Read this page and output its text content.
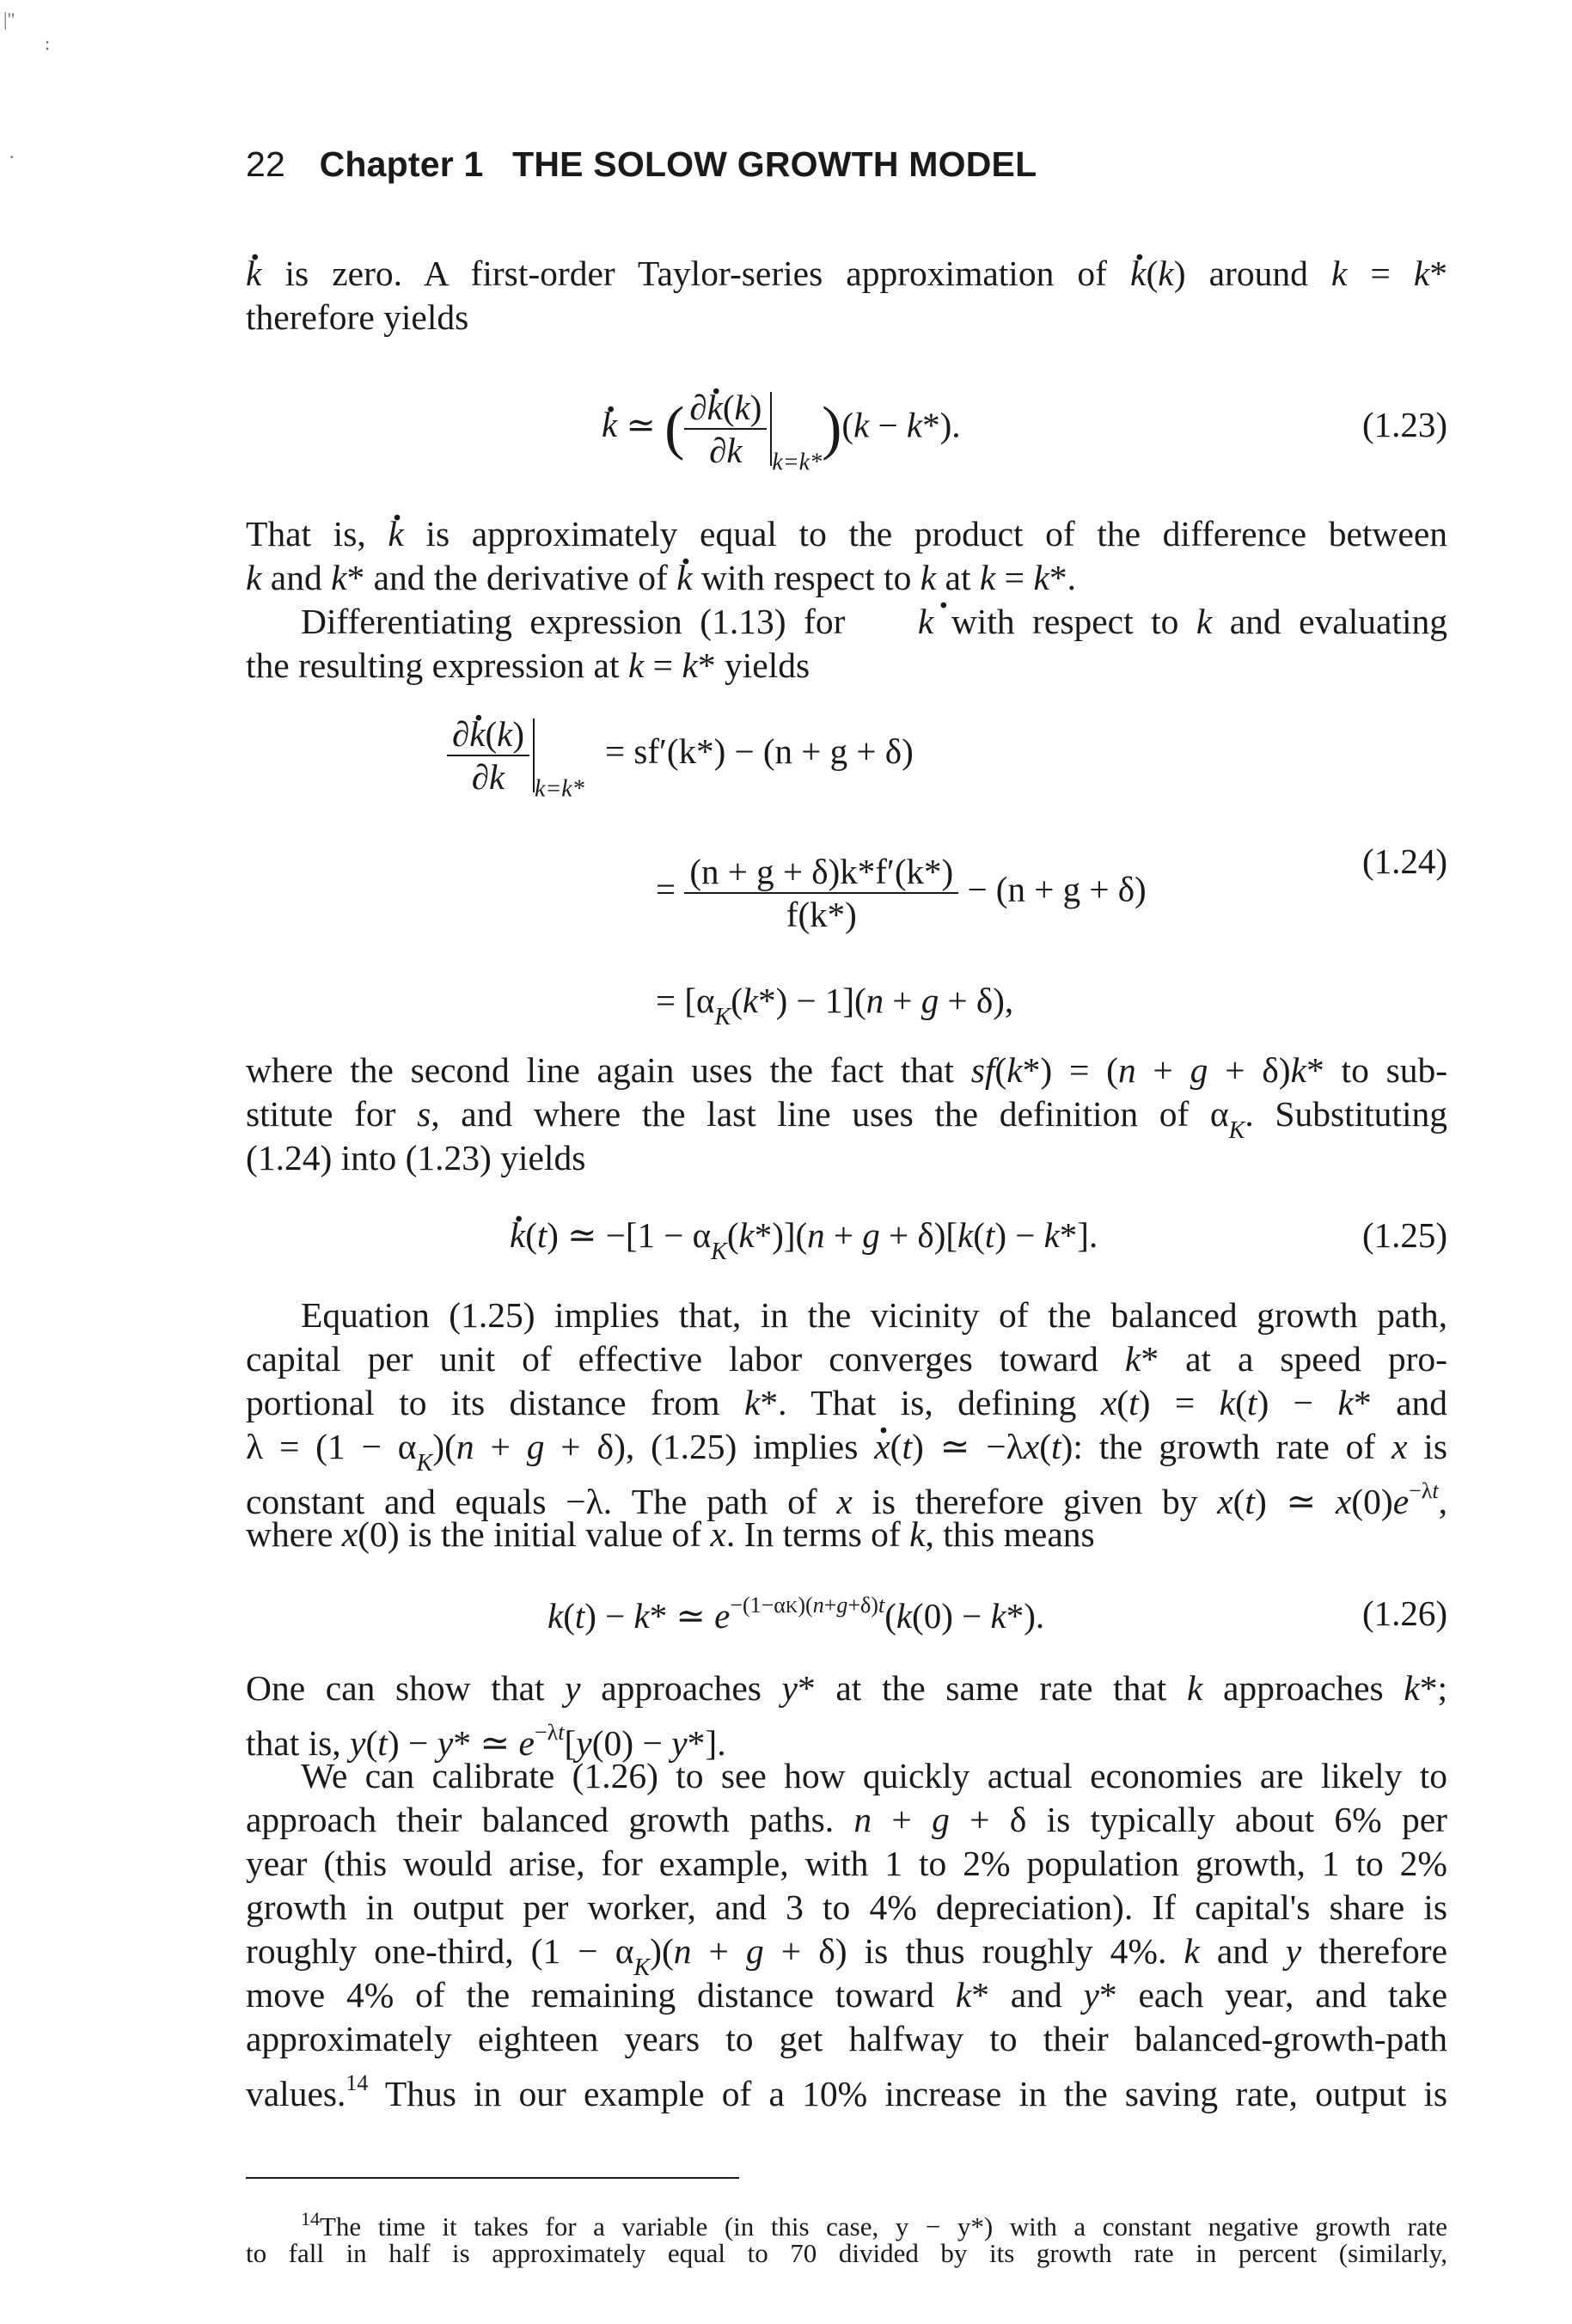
|"
:
·	22 Chapter 1 THE SOLOW GROWTH MODEL
k . is zero. A first-order Taylor-series approximation of k .(k) around k = k*
therefore yields
k . ≃ ( $\frac{\partial k .(k)}{\partial k} _{k=k*})(k - k*)$.	(1.23)
That is, k . is approximately equal to the product of the difference between
k and k* and the derivative of k . with respect to k at k = k*.
Differentiating expression (1.13) for k . with respect to k and evaluating
the resulting expression at k = k* yields
$\frac{\partial k .(k)}{\partial k} _{k=k*} = sf'(k*) - (n + g + \delta)$
= $\frac{(n + g + \delta)k*f'(k*)}{f(k*)} - (n + g + \delta)$
(1.24)
= $[\alpha_K(k*) - 1](n + g + \delta)$,
where the second line again uses the fact that sf(k*) = (n + g + δ)k* to sub-
stitute for s, and where the last line uses the definition of $\alpha_K$. Substituting
(1.24) into (1.23) yields
k .(t) ≃ $-[1 - \alpha_K(k*)](n + g + \delta)[k(t) - k*]$.	(1.25)
Equation (1.25) implies that, in the vicinity of the balanced growth path,
capital per unit of effective labor converges toward k* at a speed pro-
portional to its distance from k*. That is, defining x(t) = k(t) − k* and
$\lambda = (1 - \alpha_K)(n + g + \delta)$, (1.25) implies x .(t) ≃ −λx(t): the growth rate of x is
constant and equals −λ. The path of x is therefore given by x(t) ≃ $x(0)e^{-\lambda t}$,
where x(0) is the initial value of x. In terms of k, this means
k(t) − k* ≃ $e^{-(1-\alpha K)(n+g+\delta)t}(k(0) - k*)$.	(1.26)
One can show that y approaches y* at the same rate that k approaches k*;
that is, y(t) − y* ≃ $e^{-\lambda t}[y(0) - y*]$.
We can calibrate (1.26) to see how quickly actual economies are likely to
approach their balanced growth paths. n + g + δ is typically about 6% per
year (this would arise, for example, with 1 to 2% population growth, 1 to 2%
growth in output per worker, and 3 to 4% depreciation). If capital's share is
roughly one-third, $(1 - \alpha_K)(n + g + \delta)$ is thus roughly 4%. k and y therefore
move 4% of the remaining distance toward k* and y* each year, and take
approximately eighteen years to get halfway to their balanced-growth-path
values.$^{14}$ Thus in our example of a 10% increase in the saving rate, output is
$^{14}$The time it takes for a variable (in this case, y − y*) with a constant negative growth rate
to fall in half is approximately equal to 70 divided by its growth rate in percent (similarly,
